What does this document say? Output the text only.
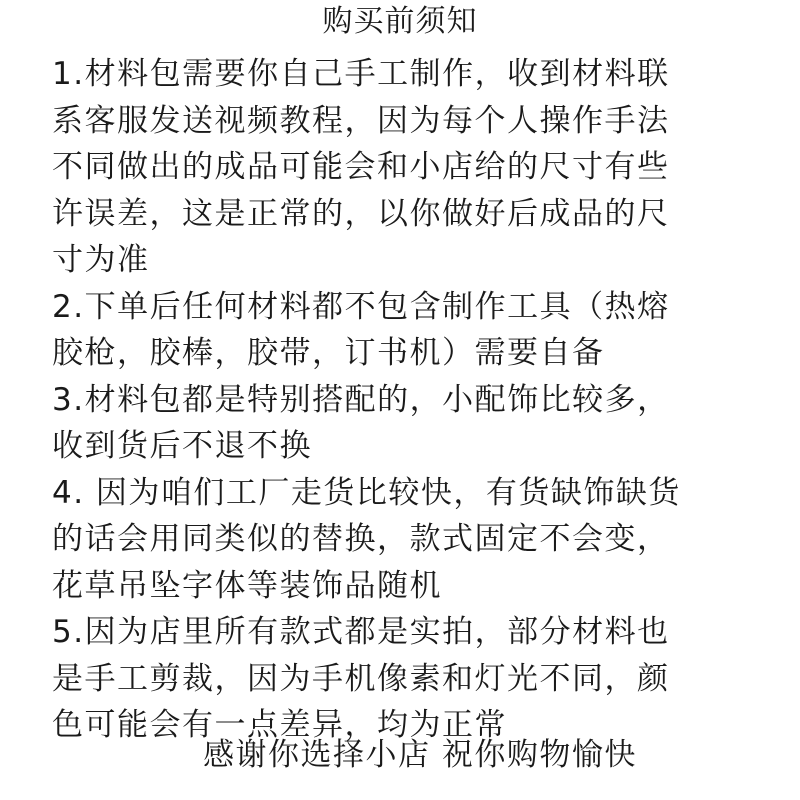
购买前须知
1.材料包需要你自己手工制作，收到材料联
系客服发送视频教程，因为每个人操作手法
不同做出的成品可能会和小店给的尺寸有些
许误差，这是正常的，以你做好后成品的尺
寸为准
2.下单后任何材料都不包含制作工具（热熔
胶枪，胶棒，胶带，订书机）需要自备
3.材料包都是特别搭配的，小配饰比较多，
收到货后不退不换
4. 因为咱们工厂走货比较快，有货缺饰缺货
的话会用同类似的替换，款式固定不会变，
花草吊坠字体等装饰品随机
5.因为店里所有款式都是实拍，部分材料也
是手工剪裁，因为手机像素和灯光不同，颜
色可能会有一点差异，均为正常
感谢你选择小店 祝你购物愉快
